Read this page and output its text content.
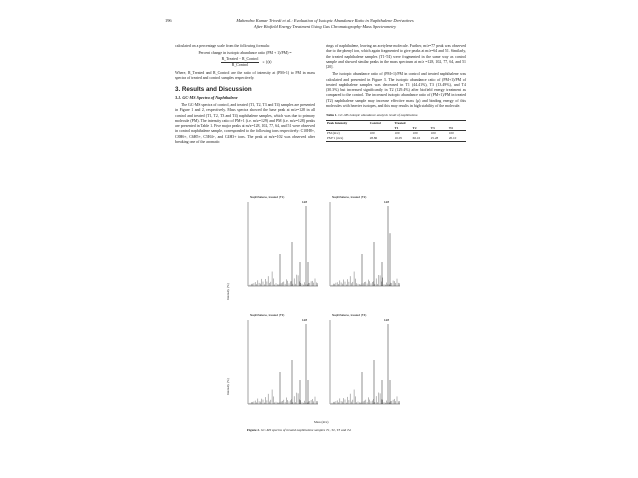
196	Mahendra Kumar Trivedi et al.: Evaluation of Isotopic Abundance Ratio in Naphthalene Derivatives
After Biofield Energy Treatment Using Gas Chromatography-Mass Spectrometry

calculated on a percentage scale from the following formula:

Percent change in isotopic abundance ratio (PM + 1)/PM) =
$\frac{\text{R\_Treated − R\_Control}}{\text{R\_Control}} \times 100$

Where, R_Treated and R_Control are the ratio of intensity at (PM+1) to PM in mass spectra of treated and control samples respectively.

3. Results and Discussion
3.1. GC-MS Spectra of Naphthalene

The GC-MS spectra of control, and treated (T1, T2, T3 and T4) samples are presented in Figure 1 and 2, respectively. Mass spectra showed the base peak at m/z=128 in all control and treated (T1, T2, T3 and T4) naphthalene samples, which was due to primary molecule (PM). The intensity ratio of PM+1 (i.e. m/z=129) and PM (i.e. m/z=128) peaks are presented in Table 1. Five major peaks at m/z=128, 102, 77, 64, and 51 were observed in control naphthalene sample, corresponded to the following ions respectively: C10H8+, C8H6+, C6H5+, C5H4+, and C4H3+ ions. The peak at m/z=102 was observed after breaking one of the aromatic

rings of naphthalene, leaving an acetylene molecule. Further, m/z=77 peak was observed due to the phenyl ion, which again fragmented to give peaks at m/z=64 and 51. Similarly, the treated naphthalene samples (T1-T4) were fragmented in the same way as control sample and showed similar peaks in the mass spectrum at m/z =128, 102, 77, 64, and 51 [20].

The isotopic abundance ratio of (PM+1)/PM in control and treated naphthalene was calculated and presented in Figure 3. The isotopic abundance ratio of (PM+1)/PM of treated naphthalene samples was decreased in T1 (44.41%), T3 (13.49%), and T4 (30.3%) but increased significantly in T2 (129.4%) after biofield energy treatment as compared to the control. The increased isotopic abundance ratio of (PM+1)/PM in treated (T2) naphthalene sample may increase effective mass (μ) and binding energy of this molecules with heavier isotopes, and this may results in high stability of the molecule.

Table 1. GC-MS isotopic abundance analysis result of naphthalene.
Peak Intensity	Control	Treated			
		T1	T2	T3	T4
PM (m/z)	100	100	100	100	100
PM+1 (m/z)	28.86	16.05	66.16	25.28	20.10
Intensity (%)
Intensity (%)
Naphthalene, treated (T1)
128
Naphthalene, treated (T2)
128
Naphthalene, treated (T3)
128
Naphthalene, treated (T4)
128
Mass (m/z)
Figure 2. GC-MS spectra of treated naphthalene samples T1, T2, T3 and T4.
